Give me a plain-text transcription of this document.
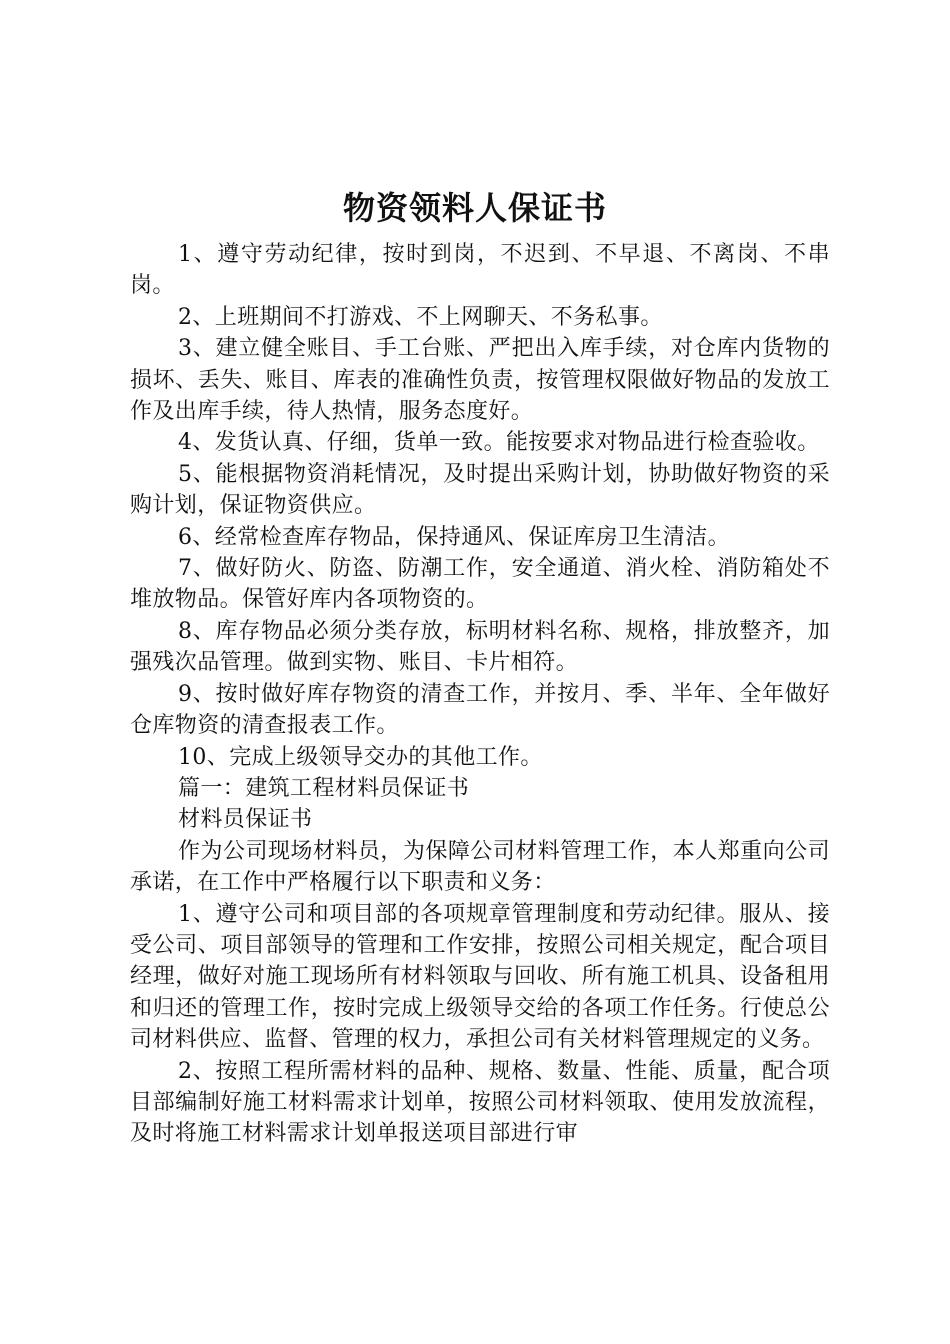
物资领料人保证书

1、遵守劳动纪律，按时到岗，不迟到、不早退、不离岗、不串岗。

2、上班期间不打游戏、不上网聊天、不务私事。

3、建立健全账目、手工台账、严把出入库手续，对仓库内货物的损坏、丢失、账目、库表的准确性负责，按管理权限做好物品的发放工作及出库手续，待人热情，服务态度好。

4、发货认真、仔细，货单一致。能按要求对物品进行检查验收。

5、能根据物资消耗情况，及时提出采购计划，协助做好物资的采购计划，保证物资供应。

6、经常检查库存物品，保持通风、保证库房卫生清洁。

7、做好防火、防盗、防潮工作，安全通道、消火栓、消防箱处不堆放物品。保管好库内各项物资的。

8、库存物品必须分类存放，标明材料名称、规格，排放整齐，加强残次品管理。做到实物、账目、卡片相符。

9、按时做好库存物资的清查工作，并按月、季、半年、全年做好仓库物资的清查报表工作。

10、完成上级领导交办的其他工作。

篇一：建筑工程材料员保证书

材料员保证书

作为公司现场材料员，为保障公司材料管理工作，本人郑重向公司承诺，在工作中严格履行以下职责和义务：

1、遵守公司和项目部的各项规章管理制度和劳动纪律。服从、接受公司、项目部领导的管理和工作安排，按照公司相关规定，配合项目经理，做好对施工现场所有材料领取与回收、所有施工机具、设备租用和归还的管理工作，按时完成上级领导交给的各项工作任务。行使总公司材料供应、监督、管理的权力，承担公司有关材料管理规定的义务。

2、按照工程所需材料的品种、规格、数量、性能、质量，配合项目部编制好施工材料需求计划单，按照公司材料领取、使用发放流程，及时将施工材料需求计划单报送项目部进行审
